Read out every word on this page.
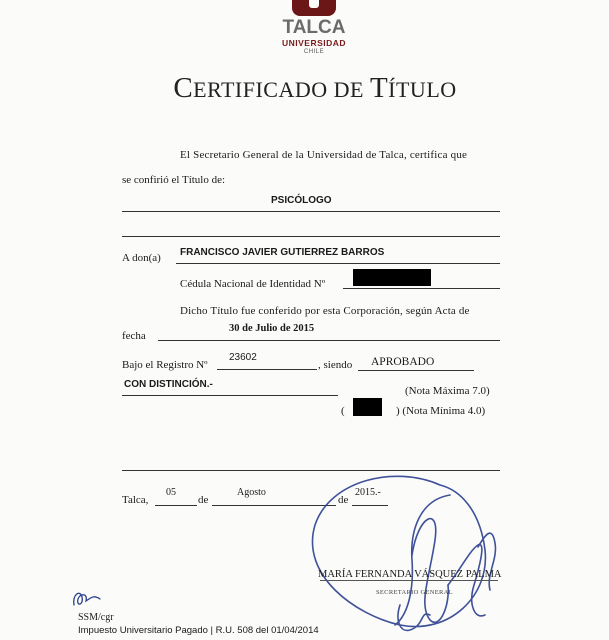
TALCA
UNIVERSIDAD
CHILE
CERTIFICADO DE TÍTULO
El Secretario General de la Universidad de Talca, certifica que
se confirió el Título de:
PSICÓLOGO
A don(a) FRANCISCO JAVIER GUTIERREZ BARROS
Cédula Nacional de Identidad Nº
Dicho Título fue conferido por esta Corporación, según Acta de
fecha
30 de Julio de 2015
Bajo el Registro Nº
23602
, siendo APROBADO
CON DISTINCIÓN.-
(Nota Máxima 7.0)
(	) (Nota Mínima 4.0)
Talca,
05
de
Agosto
de
2015.-
MARÍA FERNANDA VÁSQUEZ PALMA
SECRETARIO GENERAL
SSM/cgr
Impuesto Universitario Pagado | R.U. 508 del 01/04/2014
